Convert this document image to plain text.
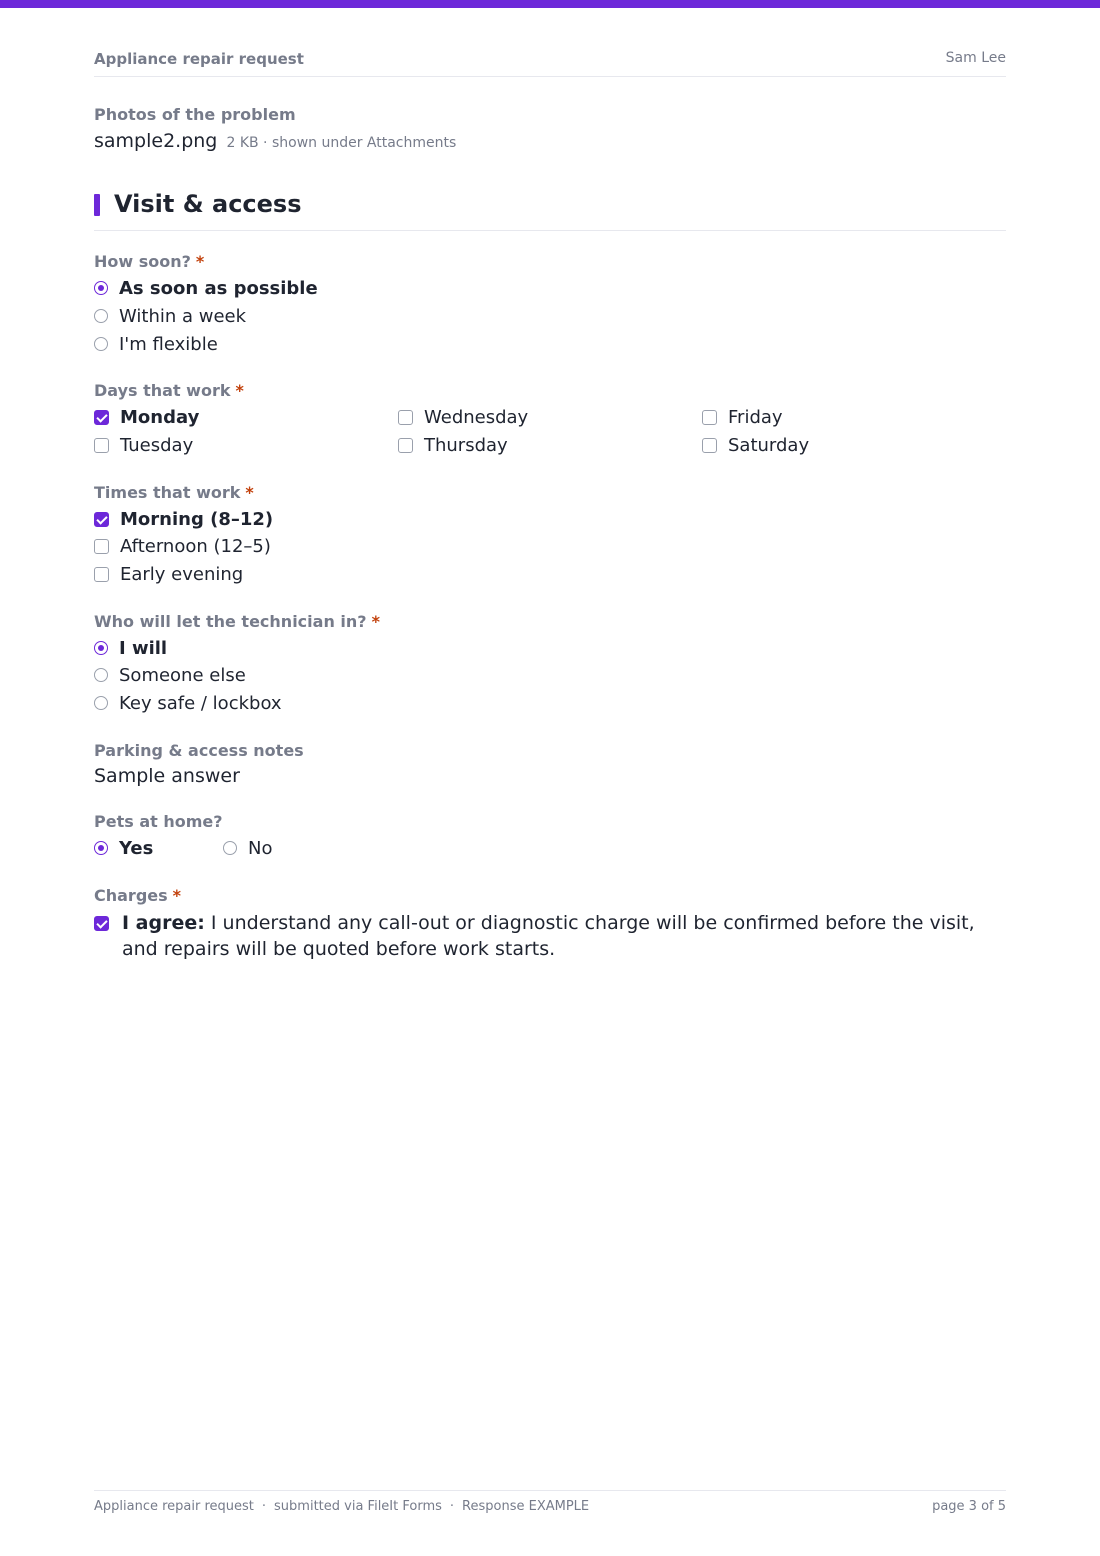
Appliance repair request	Sam Lee
Photos of the problem
sample2.png 2 KB · shown under Attachments
Visit & access
How soon? *
As soon as possible
Within a week
I'm flexible
Days that work *
Monday
Tuesday
Wednesday
Thursday
Friday
Saturday
Times that work *
Morning (8–12)
Afternoon (12–5)
Early evening
Who will let the technician in? *
I will
Someone else
Key safe / lockbox
Parking & access notes
Sample answer
Pets at home?
Yes	No
Charges *
I agree: I understand any call-out or diagnostic charge will be confirmed before the visit, and repairs will be quoted before work starts.
Appliance repair request · submitted via FileIt Forms · Response EXAMPLE	page 3 of 5
